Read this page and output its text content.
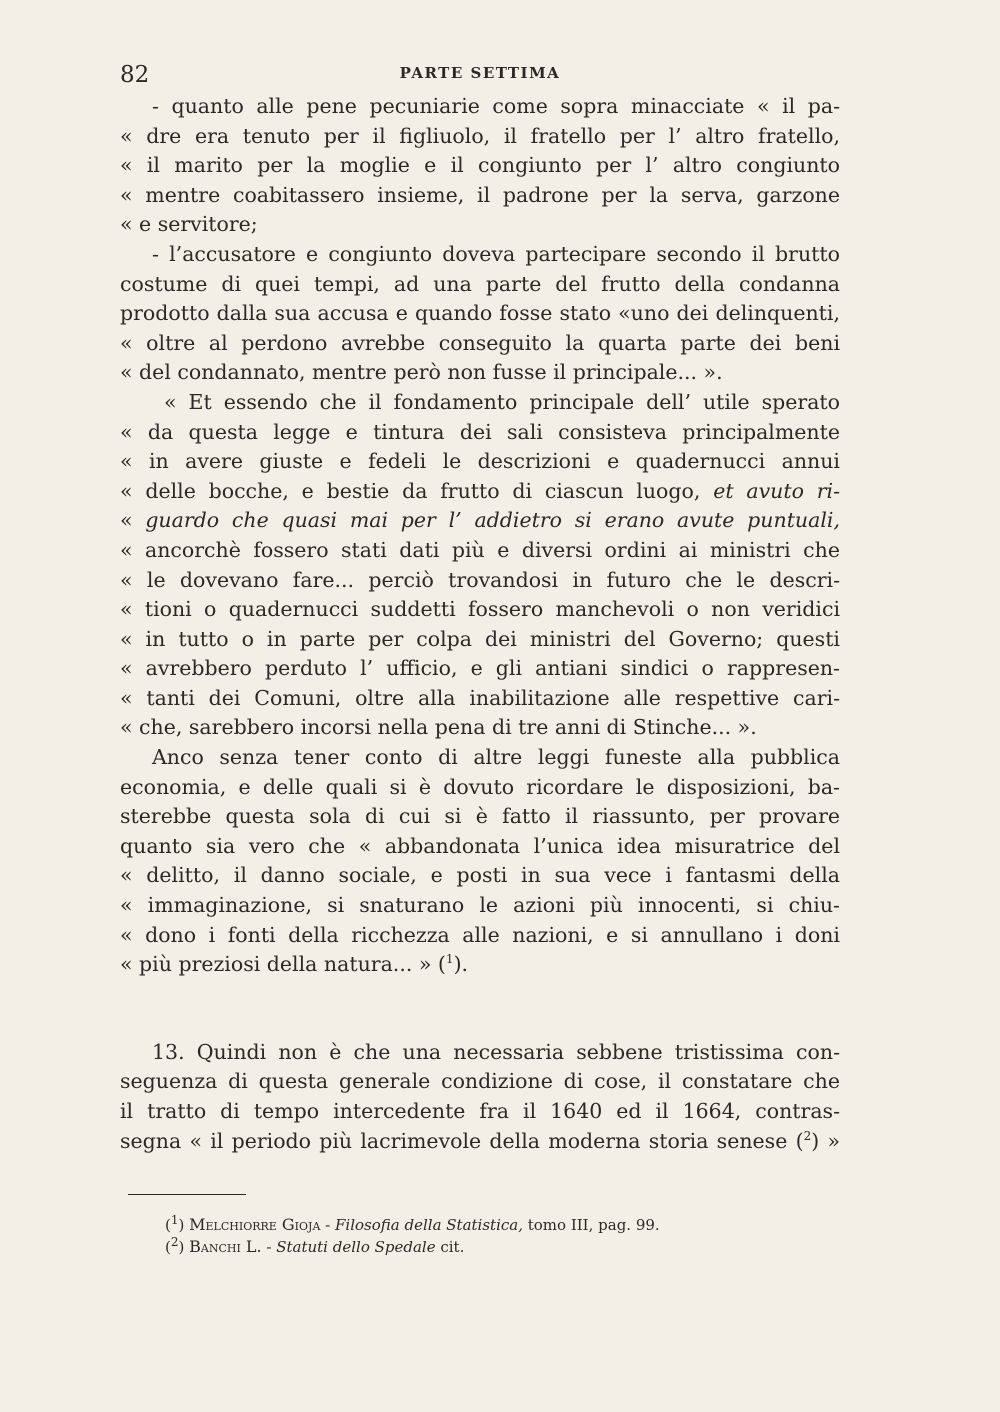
82	PARTE SETTIMA
- quanto alle pene pecuniarie come sopra minacciate « il pa-
« dre era tenuto per il figliuolo, il fratello per l’ altro fratello,
« il marito per la moglie e il congiunto per l’ altro congiunto
« mentre coabitassero insieme, il padrone per la serva, garzone
« e servitore;
- l’accusatore e congiunto doveva partecipare secondo il brutto
costume di quei tempi, ad una parte del frutto della condanna
prodotto dalla sua accusa e quando fosse stato «uno dei delinquenti,
« oltre al perdono avrebbe conseguito la quarta parte dei beni
« del condannato, mentre però non fusse il principale... ».
« Et essendo che il fondamento principale dell’ utile sperato
« da questa legge e tintura dei sali consisteva principalmente
« in avere giuste e fedeli le descrizioni e quadernucci annui
« delle bocche, e bestie da frutto di ciascun luogo, et avuto ri-
« guardo che quasi mai per l’ addietro si erano avute puntuali,
« ancorchè fossero stati dati più e diversi ordini ai ministri che
« le dovevano fare... perciò trovandosi in futuro che le descri-
« tioni o quadernucci suddetti fossero manchevoli o non veridici
« in tutto o in parte per colpa dei ministri del Governo; questi
« avrebbero perduto l’ ufficio, e gli antiani sindici o rappresen-
« tanti dei Comuni, oltre alla inabilitazione alle respettive cari-
« che, sarebbero incorsi nella pena di tre anni di Stinche... ».
Anco senza tener conto di altre leggi funeste alla pubblica
economia, e delle quali si è dovuto ricordare le disposizioni, ba-
sterebbe questa sola di cui si è fatto il riassunto, per provare
quanto sia vero che « abbandonata l’unica idea misuratrice del
« delitto, il danno sociale, e posti in sua vece i fantasmi della
« immaginazione, si snaturano le azioni più innocenti, si chiu-
« dono i fonti della ricchezza alle nazioni, e si annullano i doni
« più preziosi della natura... » ($^1$).
13. Quindi non è che una necessaria sebbene tristissima con-
seguenza di questa generale condizione di cose, il constatare che
il tratto di tempo intercedente fra il 1640 ed il 1664, contras-
segna « il periodo più lacrimevole della moderna storia senese ($^2$) »
($^1$) Melchiorre Gioja - Filosofia della Statistica, tomo III, pag. 99.
($^2$) Banchi L. - Statuti dello Spedale cit.
